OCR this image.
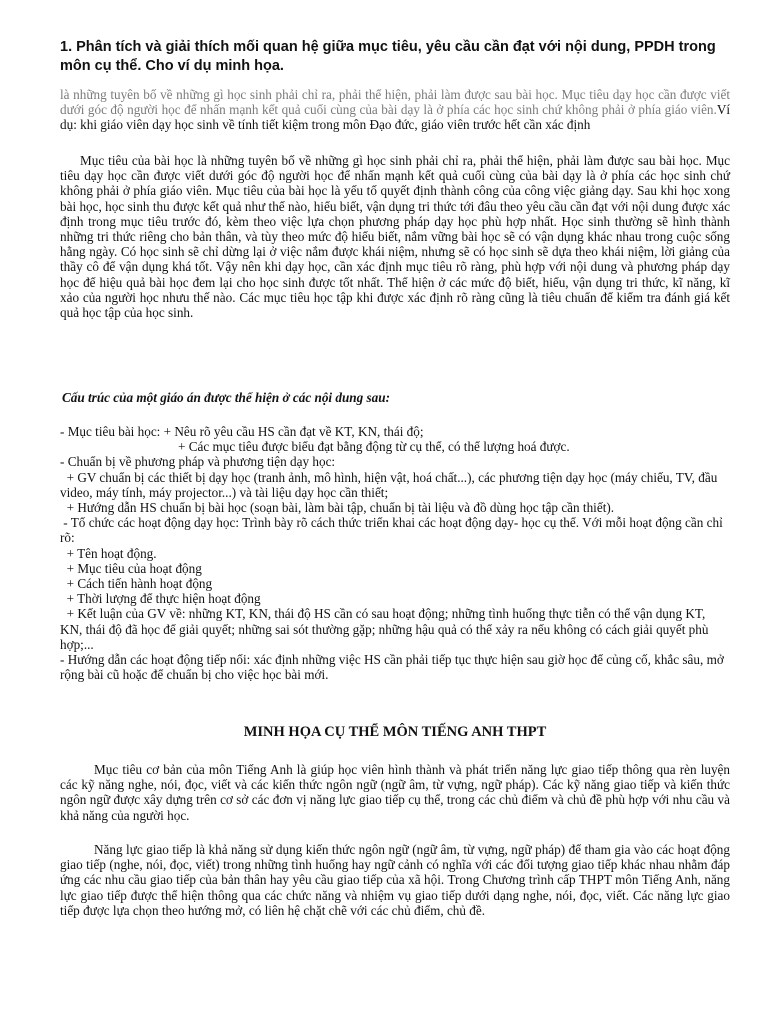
1. Phân tích và giải thích mối quan hệ giữa mục tiêu, yêu cầu cần đạt với nội dung, PPDH trong môn cụ thể. Cho ví dụ minh họa.

là những tuyên bố về những gì học sinh phải chỉ ra, phải thể hiện, phải làm được sau bài học. Mục tiêu dạy học cần được viết dưới góc độ người học để nhấn mạnh kết quả cuối cùng của bài dạy là ở phía các học sinh chứ không phải ở phía giáo viên.Ví dụ: khi giáo viên dạy học sinh về tính tiết kiệm trong môn Đạo đức, giáo viên trước hết cần xác định

Mục tiêu của bài học là những tuyên bố về những gì học sinh phải chỉ ra, phải thể hiện, phải làm được sau bài học. Mục tiêu dạy học cần được viết dưới góc độ người học để nhấn mạnh kết quả cuối cùng của bài dạy là ở phía các học sinh chứ không phải ở phía giáo viên. Mục tiêu của bài học là yếu tố quyết định thành công của công việc giảng dạy. Sau khi học xong bài học, học sinh thu được kết quả như thế nào, hiểu biết, vận dụng tri thức tới đâu theo yêu cầu cần đạt với nội dung được xác định trong mục tiêu trước đó, kèm theo việc lựa chọn phương pháp dạy học phù hợp nhất. Học sinh thường sẽ hình thành những tri thức riêng cho bản thân, và tùy theo mức độ hiểu biết, nắm vững bài học sẽ có vận dụng khác nhau trong cuộc sống hằng ngày. Có học sinh sẽ chỉ dừng lại ở việc nắm được khái niệm, nhưng sẽ có học sinh sẽ dựa theo khái niệm, lời giảng của thầy cô để vận dụng khá tốt. Vậy nên khi dạy học, cần xác định mục tiêu rõ ràng, phù hợp với nội dung và phương pháp dạy học để hiệu quả bài học đem lại cho học sinh được tốt nhất. Thể hiện ở các mức độ biết, hiểu, vận dụng tri thức, kĩ năng, kĩ xảo của người học nhưu thế nào. Các mục tiêu học tập khi được xác định rõ ràng cũng là tiêu chuẩn để kiểm tra đánh giá kết quả học tập của học sinh.

Cấu trúc của một giáo án được thể hiện ở các nội dung sau:

- Mục tiêu bài học: + Nêu rõ yêu cầu HS cần đạt về KT, KN, thái độ;
+ Các mục tiêu được biểu đạt bằng động từ cụ thể, có thể lượng hoá được.
- Chuẩn bị về phương pháp và phương tiện dạy học:
+ GV chuẩn bị các thiết bị dạy học (tranh ảnh, mô hình, hiện vật, hoá chất...), các phương tiện dạy học (máy chiếu, TV, đầu video, máy tính, máy projector...) và tài liệu dạy học cần thiết;
+ Hướng dẫn HS chuẩn bị bài học (soạn bài, làm bài tập, chuẩn bị tài liệu và đồ dùng học tập cần thiết).
- Tổ chức các hoạt động dạy học: Trình bày rõ cách thức triển khai các hoạt động dạy- học cụ thể. Với mỗi hoạt động cần chỉ rõ:
+ Tên hoạt động.
+ Mục tiêu của hoạt động
+ Cách tiến hành hoạt động
+ Thời lượng để thực hiện hoạt động
+ Kết luận của GV về: những KT, KN, thái độ HS cần có sau hoạt động; những tình huống thực tiễn có thể vận dụng KT, KN, thái độ đã học để giải quyết; những sai sót thường gặp; những hậu quả có thể xảy ra nếu không có cách giải quyết phù hợp;...
- Hướng dẫn các hoạt động tiếp nối: xác định những việc HS cần phải tiếp tục thực hiện sau giờ học để củng cố, khắc sâu, mở rộng bài cũ hoặc để chuẩn bị cho việc học bài mới.
MINH HỌA CỤ THỂ MÔN TIẾNG ANH THPT

Mục tiêu cơ bản của môn Tiếng Anh là giúp học viên hình thành và phát triển năng lực giao tiếp thông qua rèn luyện các kỹ năng nghe, nói, đọc, viết và các kiến thức ngôn ngữ (ngữ âm, từ vựng, ngữ pháp). Các kỹ năng giao tiếp và kiến thức ngôn ngữ được xây dựng trên cơ sở các đơn vị năng lực giao tiếp cụ thể, trong các chủ điểm và chủ đề phù hợp với nhu cầu và khả năng của người học.

Năng lực giao tiếp là khả năng sử dụng kiến thức ngôn ngữ (ngữ âm, từ vựng, ngữ pháp) để tham gia vào các hoạt động giao tiếp (nghe, nói, đọc, viết) trong những tình huống hay ngữ cảnh có nghĩa với các đối tượng giao tiếp khác nhau nhằm đáp ứng các nhu cầu giao tiếp của bản thân hay yêu cầu giao tiếp của xã hội. Trong Chương trình cấp THPT môn Tiếng Anh, năng lực giao tiếp được thể hiện thông qua các chức năng và nhiệm vụ giao tiếp dưới dạng nghe, nói, đọc, viết. Các năng lực giao tiếp được lựa chọn theo hướng mở, có liên hệ chặt chẽ với các chủ điểm, chủ đề.
